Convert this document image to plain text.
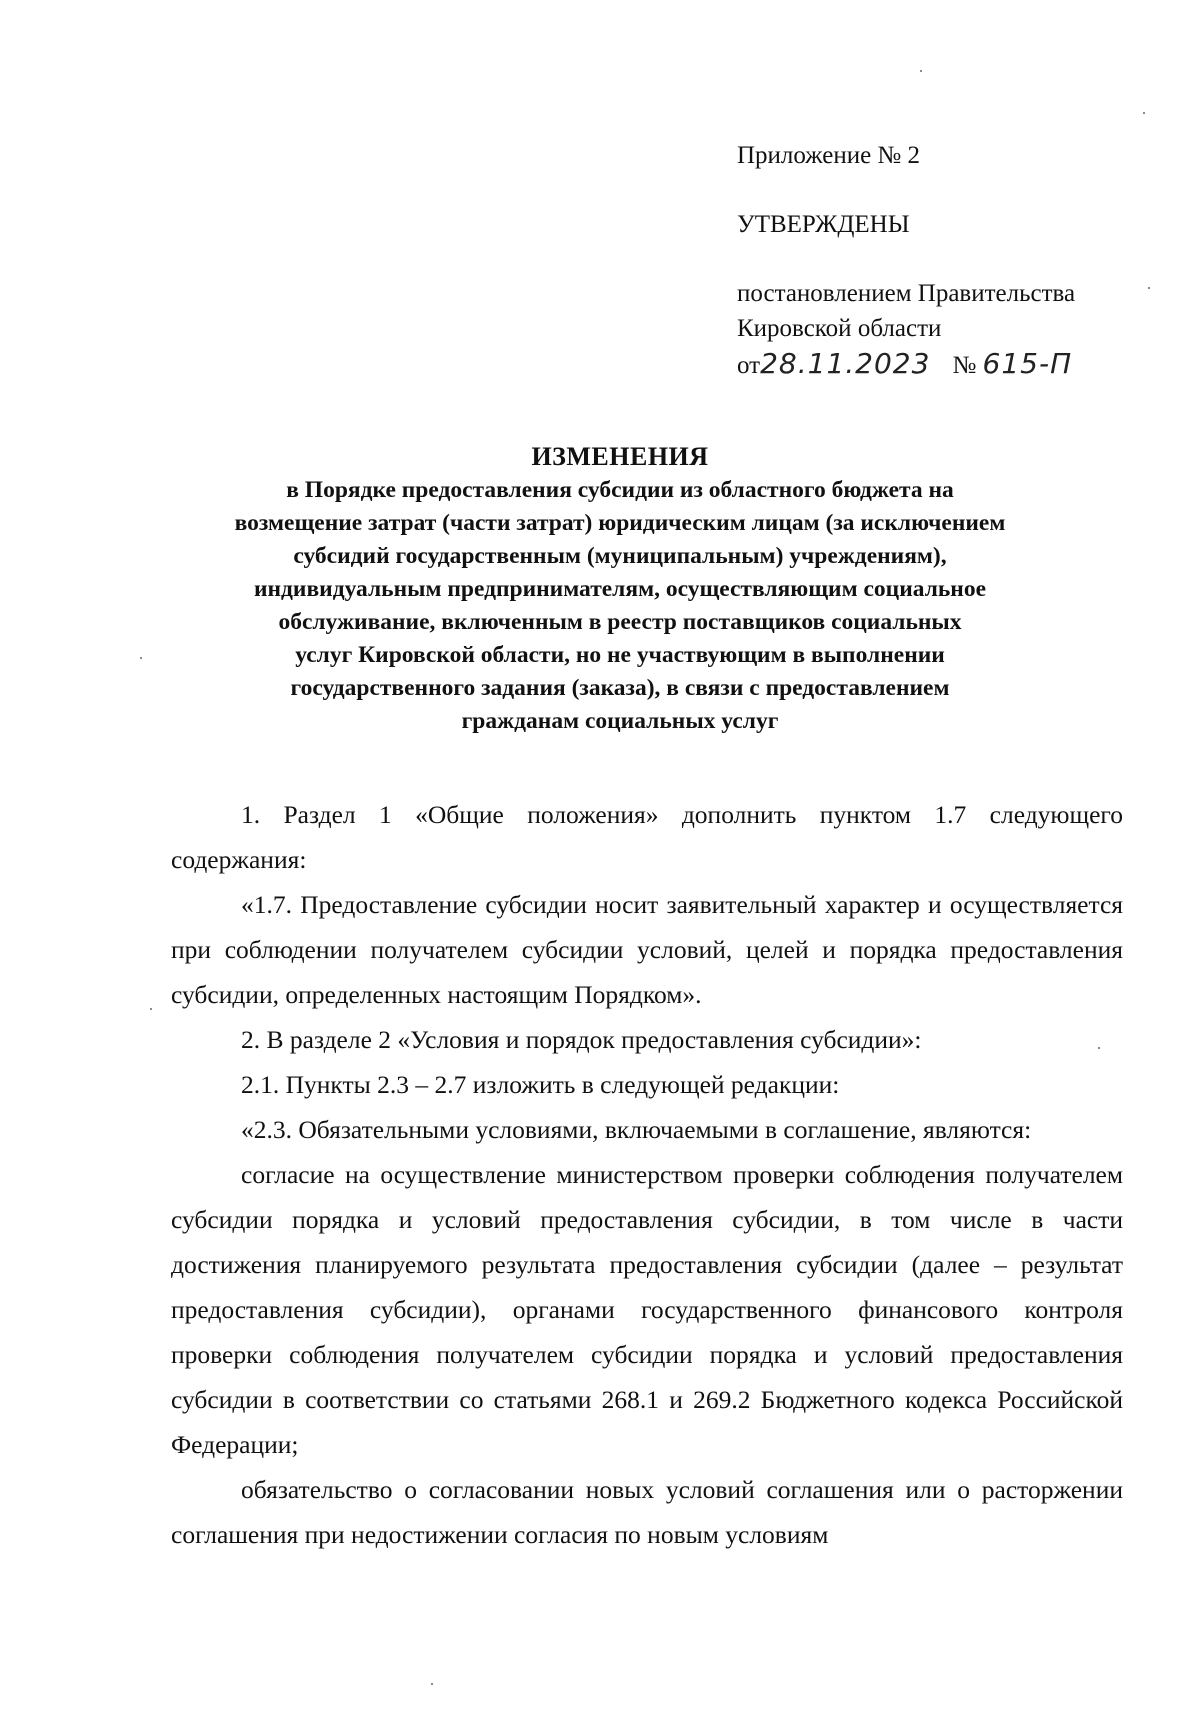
Приложение № 2
УТВЕРЖДЕНЫ
постановлением Правительства
Кировской области
от28.11.2023 № 615-П
ИЗМЕНЕНИЯ
в Порядке предоставления субсидии из областного бюджета на
возмещение затрат (части затрат) юридическим лицам (за исключением
субсидий государственным (муниципальным) учреждениям),
индивидуальным предпринимателям, осуществляющим социальное
обслуживание, включенным в реестр поставщиков социальных
услуг Кировской области, но не участвующим в выполнении
государственного задания (заказа), в связи с предоставлением
гражданам социальных услуг

1. Раздел 1 «Общие положения» дополнить пунктом 1.7 следующего содержания:

«1.7. Предоставление субсидии носит заявительный характер и осуществляется при соблюдении получателем субсидии условий, целей и порядка предоставления субсидии, определенных настоящим Порядком».

2. В разделе 2 «Условия и порядок предоставления субсидии»:

2.1. Пункты 2.3 – 2.7 изложить в следующей редакции:

«2.3. Обязательными условиями, включаемыми в соглашение, являются:

согласие на осуществление министерством проверки соблюдения получателем субсидии порядка и условий предоставления субсидии, в том числе в части достижения планируемого результата предоставления субсидии (далее – результат предоставления субсидии), органами государственного финансового контроля проверки соблюдения получателем субсидии порядка и условий предоставления субсидии в соответствии со статьями 268.1 и 269.2 Бюджетного кодекса Российской Федерации;

обязательство о согласовании новых условий соглашения или о расторжении соглашения при недостижении согласия по новым условиям
